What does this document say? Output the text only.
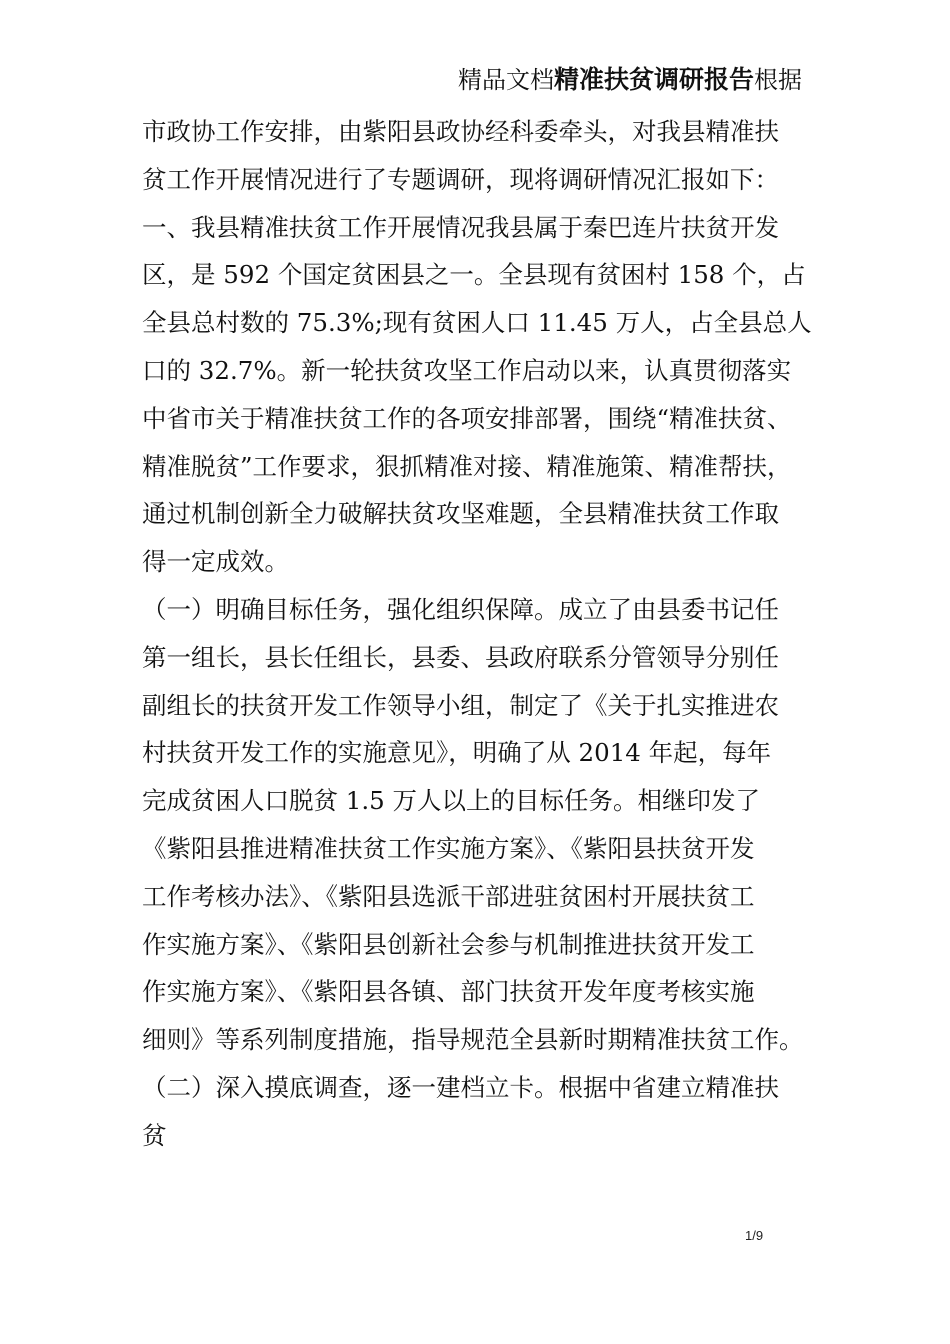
精品文档精准扶贫调研报告根据
市政协工作安排，由紫阳县政协经科委牵头，对我县精准扶
贫工作开展情况进行了专题调研，现将调研情况汇报如下：
一、我县精准扶贫工作开展情况我县属于秦巴连片扶贫开发
区，是 592 个国定贫困县之一。全县现有贫困村 158 个，占
全县总村数的 75.3%;现有贫困人口 11.45 万人，占全县总人
口的 32.7%。新一轮扶贫攻坚工作启动以来，认真贯彻落实
中省市关于精准扶贫工作的各项安排部署，围绕“精准扶贫、
精准脱贫”工作要求，狠抓精准对接、精准施策、精准帮扶，
通过机制创新全力破解扶贫攻坚难题，全县精准扶贫工作取
得一定成效。
（一）明确目标任务，强化组织保障。成立了由县委书记任
第一组长，县长任组长，县委、县政府联系分管领导分别任
副组长的扶贫开发工作领导小组，制定了《关于扎实推进农
村扶贫开发工作的实施意见》，明确了从 2014 年起，每年
完成贫困人口脱贫 1.5 万人以上的目标任务。相继印发了
《紫阳县推进精准扶贫工作实施方案》、《紫阳县扶贫开发
工作考核办法》、《紫阳县选派干部进驻贫困村开展扶贫工
作实施方案》、《紫阳县创新社会参与机制推进扶贫开发工
作实施方案》、《紫阳县各镇、部门扶贫开发年度考核实施
细则》等系列制度措施，指导规范全县新时期精准扶贫工作。
（二）深入摸底调查，逐一建档立卡。根据中省建立精准扶
贫
1/9
